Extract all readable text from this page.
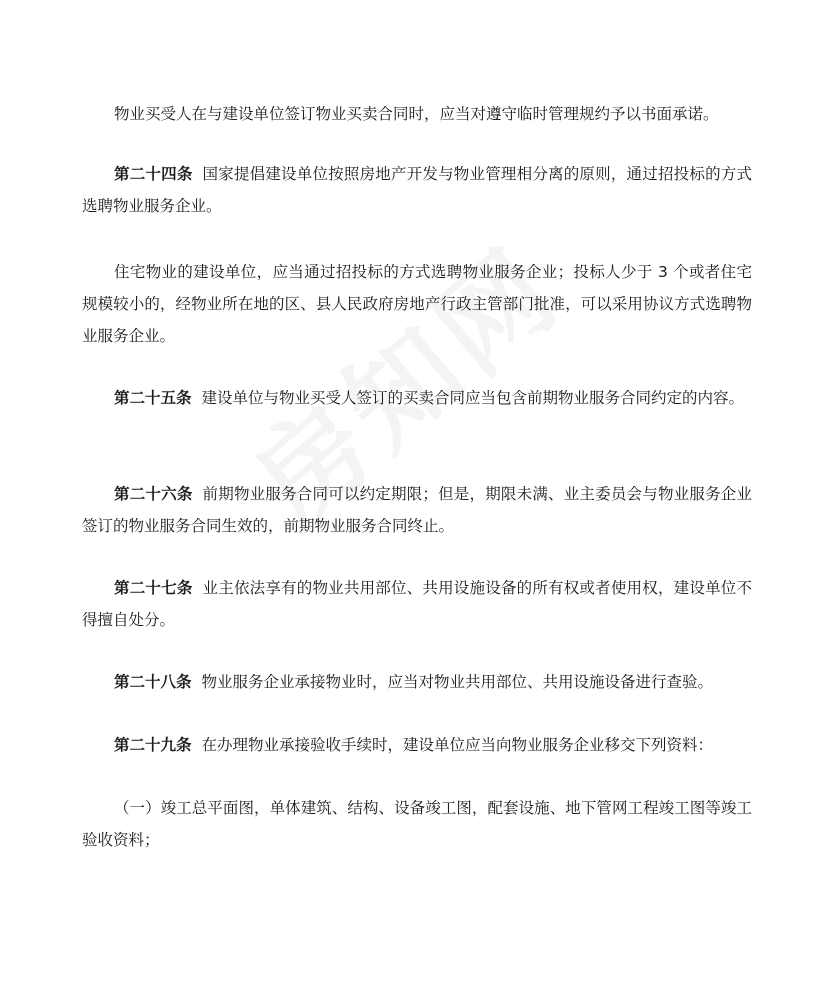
物业买受人在与建设单位签订物业买卖合同时，应当对遵守临时管理规约予以书面承诺。

第二十四条 国家提倡建设单位按照房地产开发与物业管理相分离的原则，通过招投标的方式选聘物业服务企业。

住宅物业的建设单位，应当通过招投标的方式选聘物业服务企业；投标人少于 3 个或者住宅规模较小的，经物业所在地的区、县人民政府房地产行政主管部门批准，可以采用协议方式选聘物业服务企业。

第二十五条 建设单位与物业买受人签订的买卖合同应当包含前期物业服务合同约定的内容。

第二十六条 前期物业服务合同可以约定期限；但是，期限未满、业主委员会与物业服务企业签订的物业服务合同生效的，前期物业服务合同终止。

第二十七条 业主依法享有的物业共用部位、共用设施设备的所有权或者使用权，建设单位不得擅自处分。

第二十八条 物业服务企业承接物业时，应当对物业共用部位、共用设施设备进行查验。

第二十九条 在办理物业承接验收手续时，建设单位应当向物业服务企业移交下列资料：

（一）竣工总平面图，单体建筑、结构、设备竣工图，配套设施、地下管网工程竣工图等竣工验收资料；
